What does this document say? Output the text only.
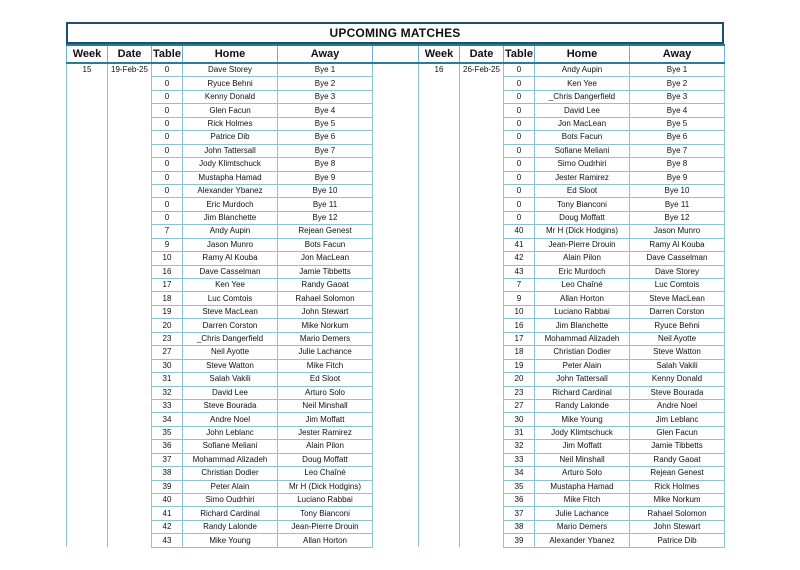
UPCOMING MATCHES
Week	Date	Table	Home	Away		Week	Date	Table	Home	Away
15	19-Feb-25	0	Dave Storey	Bye 1		16	26-Feb-25	0	Andy Aupin	Bye 1
		0	Ryuce Behni	Bye 2				0	Ken Yee	Bye 2
		0	Kenny Donald	Bye 3				0	_Chris Dangerfield	Bye 3
		0	Glen Facun	Bye 4				0	David Lee	Bye 4
		0	Rick Holmes	Bye 5				0	Jon MacLean	Bye 5
		0	Patrice Dib	Bye 6				0	Bots Facun	Bye 6
		0	John Tattersall	Bye 7				0	Sofiane Meliani	Bye 7
		0	Jody Klimtschuck	Bye 8				0	Simo Oudrhiri	Bye 8
		0	Mustapha Hamad	Bye 9				0	Jester Ramirez	Bye 9
		0	Alexander Ybanez	Bye 10				0	Ed Sloot	Bye 10
		0	Eric Murdoch	Bye 11				0	Tony Bianconi	Bye 11
		0	Jim Blanchette	Bye 12				0	Doug Moffatt	Bye 12
		7	Andy Aupin	Rejean Genest				40	Mr H (Dick Hodgins)	Jason Munro
		9	Jason Munro	Bots Facun				41	Jean-Pierre Drouin	Ramy Al Kouba
		10	Ramy Al Kouba	Jon MacLean				42	Alain Pilon	Dave Casselman
		16	Dave Casselman	Jamie Tibbetts				43	Eric Murdoch	Dave Storey
		17	Ken Yee	Randy Gaoat				7	Leo Chaîné	Luc Comtois
		18	Luc Comtois	Rahael Solomon				9	Allan Horton	Steve MacLean
		19	Steve MacLean	John Stewart				10	Luciano Rabbai	Darren Corston
		20	Darren Corston	Mike Norkum				16	Jim Blanchette	Ryuce Behni
		23	_Chris Dangerfield	Mario Demers				17	Mohammad Alizadeh	Neil Ayotte
		27	Neil Ayotte	Julie Lachance				18	Christian Dodier	Steve Watton
		30	Steve Watton	Mike Fitch				19	Peter Alain	Salah Vakili
		31	Salah Vakili	Ed Sloot				20	John Tattersall	Kenny Donald
		32	David Lee	Arturo Solo				23	Richard Cardinal	Steve Bourada
		33	Steve Bourada	Neil Minshall				27	Randy Lalonde	Andre Noel
		34	Andre Noel	Jim Moffatt				30	Mike Young	Jim Leblanc
		35	John Leblanc	Jester Ramirez				31	Jody Klimtschuck	Glen Facun
		36	Sofiane Meliani	Alain Pilon				32	Jim Moffatt	Jamie Tibbetts
		37	Mohammad Alizadeh	Doug Moffatt				33	Neil Minshall	Randy Gaoat
		38	Christian Dodier	Leo Chaîné				34	Arturo Solo	Rejean Genest
		39	Peter Alain	Mr H (Dick Hodgins)				35	Mustapha Hamad	Rick Holmes
		40	Simo Oudrhiri	Luciano Rabbai				36	Mike Fitch	Mike Norkum
		41	Richard Cardinal	Tony Bianconi				37	Julie Lachance	Rahael Solomon
		42	Randy Lalonde	Jean-Pierre Drouin				38	Mario Demers	John Stewart
		43	Mike Young	Allan Horton				39	Alexander Ybanez	Patrice Dib
